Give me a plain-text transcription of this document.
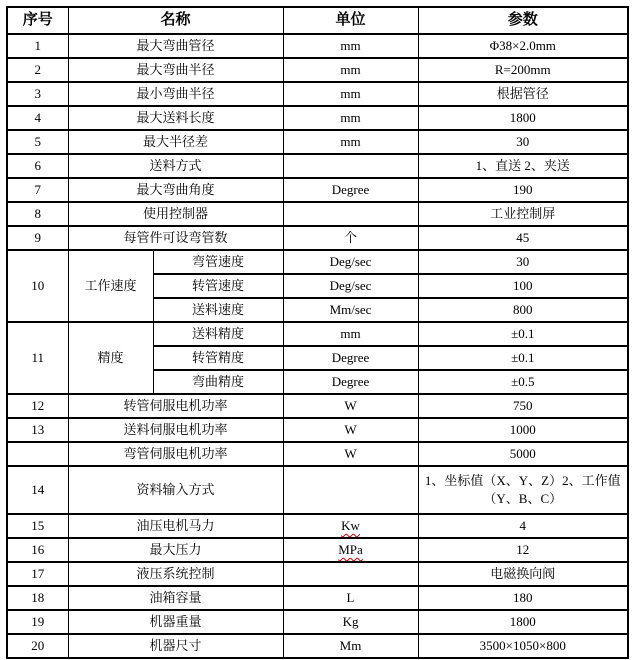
序号	名称		单位	参数
1	最大弯曲管径		mm	Φ38×2.0mm
2	最大弯曲半径		mm	R=200mm
3	最小弯曲半径		mm	根据管径
4	最大送料长度		mm	1800
5	最大半径差		mm	30
6	送料方式			1、直送 2、夹送
7	最大弯曲角度		Degree	190
8	使用控制器			工业控制屏
9	每管件可设弯管数		个	45
10	工作速度	弯管速度	Deg/sec	30
		转管速度	Deg/sec	100
		送料速度	Mm/sec	800
11	精度	送料精度	mm	±0.1
		转管精度	Degree	±0.1
		弯曲精度	Degree	±0.5
12	转管伺服电机功率		W	750
13	送料伺服电机功率		W	1000
	弯管伺服电机功率		W	5000
14	资料输入方式			1、坐标值（X、Y、Z）2、工作值（Y、B、C）
15	油压电机马力		Kw	4
16	最大压力		MPa	12
17	液压系统控制			电磁换向阀
18	油箱容量		L	180
19	机器重量		Kg	1800
20	机器尺寸		Mm	3500×1050×800
